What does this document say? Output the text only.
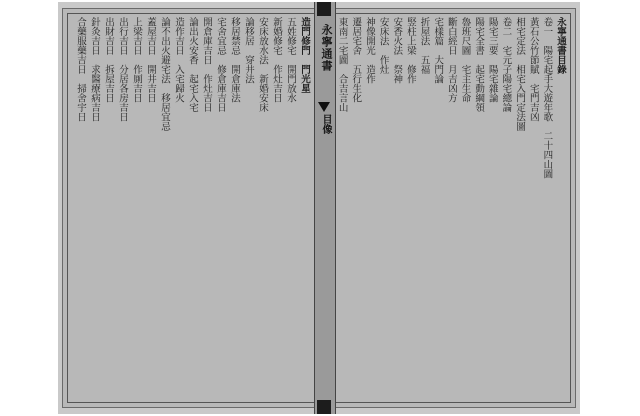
造門修門　門光星
五姓修宅　開門放水
新婚修宅　作灶吉日
安床放水法　新婚安床
論移居　穿井法
移居禁忌　開倉庫法
宅舍宜忌　修倉庫吉日
開倉庫吉日　作灶吉日
論出火安香　起宅入宅
造作吉日　入宅歸火
論不出火避宅法　移居宜忌
蓋屋吉日　開井吉日
上梁吉日　作厠吉日
出行吉日　分居各房吉日
出財吉日　拆屋吉日
針灸吉日　求醫療病吉日
合藥服藥吉日　掃舍宇日	永寧通書目錄
卷一　陽宅起手大遊年歌　二十四山圖
黃石公竹節賦　宅門吉凶
相宅定法　相宅入門定法圖
卷二　宅元子陽宅總論
陽宅三要　陽宅雜論
陽宅全書　起宅動綱領
魯班尺圖　宅主生命
斷白經日　月吉凶方
宅樣篇　大門論
折屋法　五福
竪柱上梁　修作
安香火法　祭神
安床法　作灶
神像開光　造作
遷居宅舍　五行生化
東南二宅圖　合吉言山
永寧通書
目像
